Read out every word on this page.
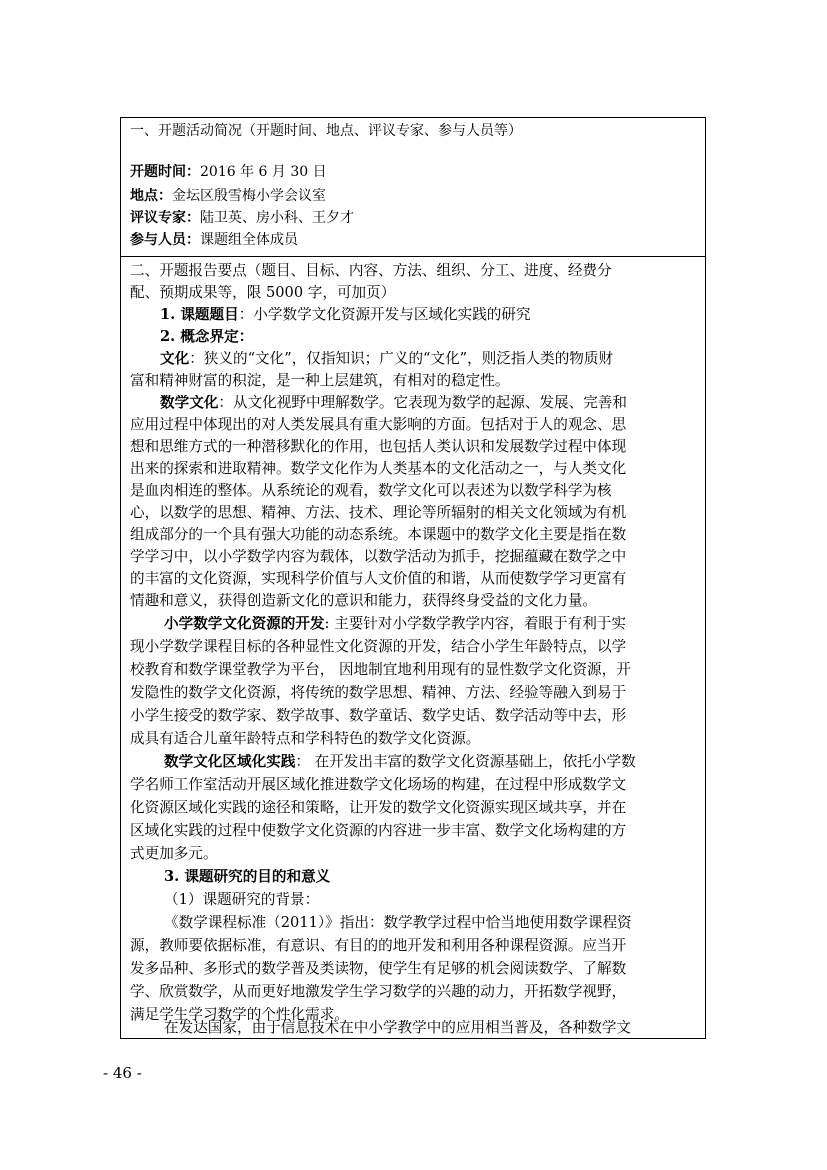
一、开题活动简况（开题时间、地点、评议专家、参与人员等）
开题时间：2016 年 6 月 30 日
地点：金坛区殷雪梅小学会议室
评议专家：陆卫英、房小科、王夕才
参与人员：课题组全体成员
二、开题报告要点（题目、目标、内容、方法、组织、分工、进度、经费分
配、预期成果等，限 5000 字，可加页）
1. 课题题目：小学数学文化资源开发与区域化实践的研究
2. 概念界定：
文化：狭义的“文化”，仅指知识；广义的“文化”，则泛指人类的物质财
富和精神财富的积淀，是一种上层建筑，有相对的稳定性。
数学文化：从文化视野中理解数学。它表现为数学的起源、发展、完善和
应用过程中体现出的对人类发展具有重大影响的方面。包括对于人的观念、思
想和思维方式的一种潜移默化的作用，也包括人类认识和发展数学过程中体现
出来的探索和进取精神。数学文化作为人类基本的文化活动之一，与人类文化
是血肉相连的整体。从系统论的观看，数学文化可以表述为以数学科学为核
心，以数学的思想、精神、方法、技术、理论等所辐射的相关文化领域为有机
组成部分的一个具有强大功能的动态系统。本课题中的数学文化主要是指在数
学学习中，以小学数学内容为载体，以数学活动为抓手，挖掘蕴藏在数学之中
的丰富的文化资源，实现科学价值与人文价值的和谐，从而使数学学习更富有
情趣和意义，获得创造新文化的意识和能力，获得终身受益的文化力量。
小学数学文化资源的开发: 主要针对小学数学教学内容，着眼于有利于实
现小学数学课程目标的各种显性文化资源的开发，结合小学生年龄特点，以学
校教育和数学课堂教学为平台， 因地制宜地利用现有的显性数学文化资源，开
发隐性的数学文化资源，将传统的数学思想、精神、方法、经验等融入到易于
小学生接受的数学家、数学故事、数学童话、数学史话、数学活动等中去，形
成具有适合儿童年龄特点和学科特色的数学文化资源。
数学文化区域化实践： 在开发出丰富的数学文化资源基础上，依托小学数
学名师工作室活动开展区域化推进数学文化场场的构建，在过程中形成数学文
化资源区域化实践的途径和策略，让开发的数学文化资源实现区域共享，并在
区域化实践的过程中使数学文化资源的内容进一步丰富、数学文化场构建的方
式更加多元。
3. 课题研究的目的和意义
（1）课题研究的背景：
《数学课程标准（2011）》指出：数学教学过程中恰当地使用数学课程资
源，教师要依据标准，有意识、有目的的地开发和利用各种课程资源。应当开
发多品种、多形式的数学普及类读物，使学生有足够的机会阅读数学、了解数
学、欣赏数学，从而更好地激发学生学习数学的兴趣的动力，开拓数学视野，
满足学生学习数学的个性化需求。
在发达国家，由于信息技术在中小学教学中的应用相当普及，各种数学文
- 46 -
